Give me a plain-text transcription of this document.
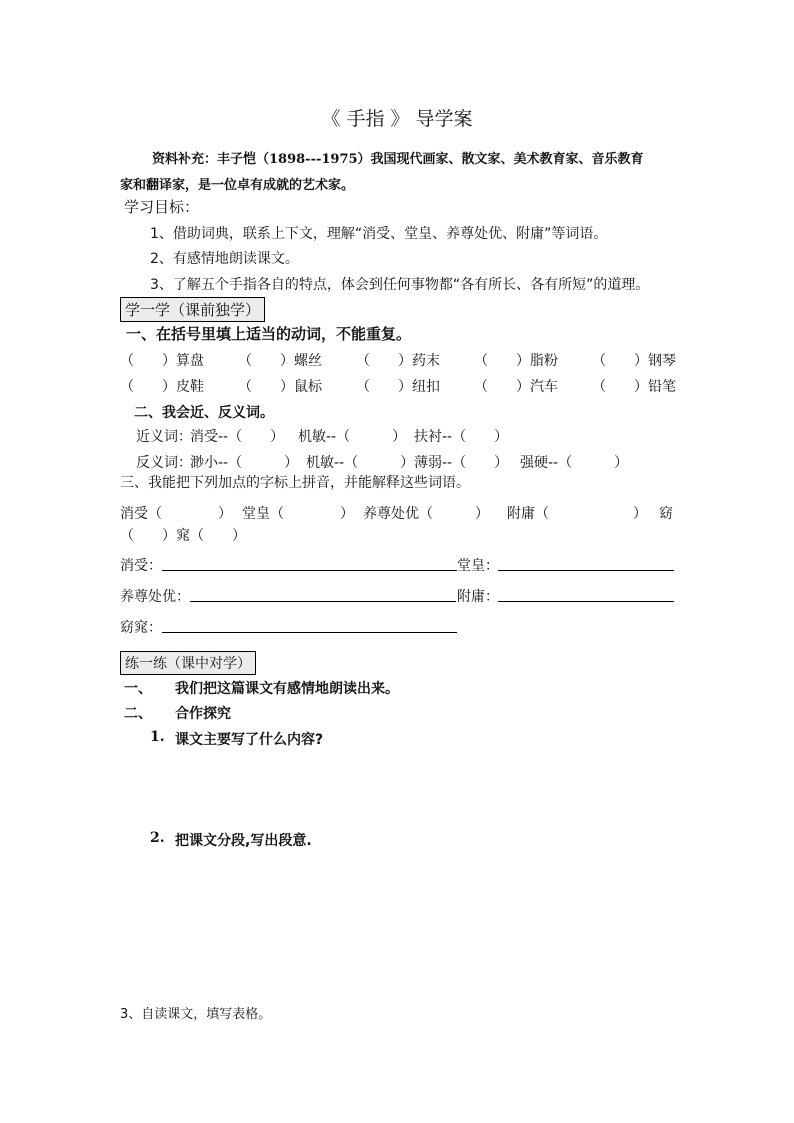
《 手指 》 导学案
资料补充：丰子恺（1898---1975）我国现代画家、散文家、美术教育家、音乐教育
家和翻译家，是一位卓有成就的艺术家。
学习目标：
1、借助词典，联系上下文，理解“消受、堂皇、养尊处优、附庸”等词语。
2、有感情地朗读课文。
3、了解五个手指各自的特点，体会到任何事物都“各有所长、各有所短”的道理。
学一学（课前独学）
一、在括号里填上适当的动词，不能重复。
（　　）算盘 （　　）螺丝 （　　）药末 （　　）脂粉 （　　）钢琴
（　　）皮鞋 （　　）鼠标 （　　）纽扣 （　　）汽车 （　　）铅笔
二、我会近、反义词。
近义词：
消受--（　　） 机敏--（　　　） 扶衬--（　　）
反义词：
渺小--（　　　） 机敏--（　　　） 薄弱--（　　） 强硬--（　　　）
三、我能把下列加点的字标上拼音，并能解释这些词语。
消受（　　　　） 堂皇（　　　　） 养尊处优（　　　） 附庸（　　　　　　） 窈
（　　）窕（　　）
消受：	堂皇：
养尊处优：	附庸：
窈窕：
练一练（课中对学）
一、 我们把这篇课文有感情地朗读出来。
二、 合作探究
1. 课文主要写了什么内容?
2. 把课文分段,写出段意.
3、自读课文，填写表格。
